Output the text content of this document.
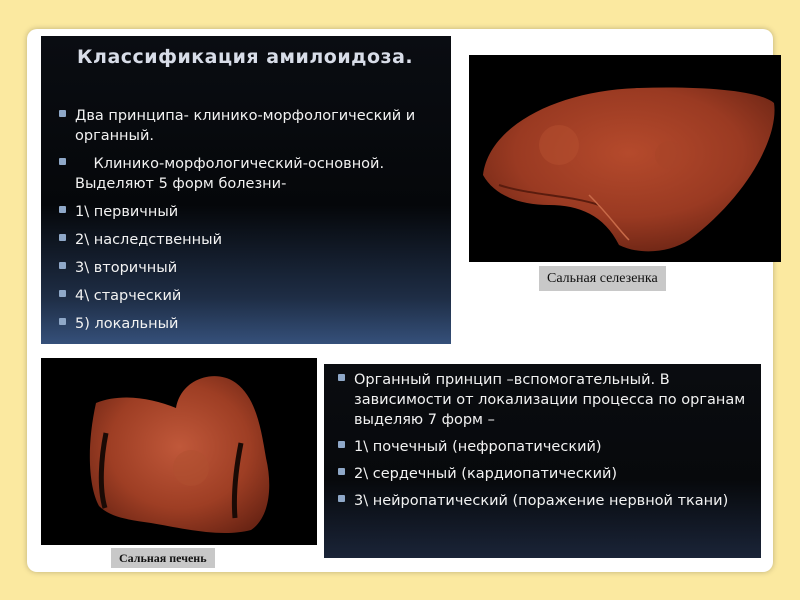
Классификация амилоидоза.
Два принципа- клинико-морфологический и органный.
Клинико-морфологический-основной. Выделяют 5 форм болезни-
1\ первичный
2\ наследственный
3\ вторичный
4\ старческий
5) локальный
Сальная селезенка
Сальная печень
Органный принцип –вспомогательный. В зависимости от локализации процесса по органам выделяю 7 форм –
1\ почечный (нефропатический)
2\ сердечный (кардиопатический)
3\ нейропатический (поражение нервной ткани)
